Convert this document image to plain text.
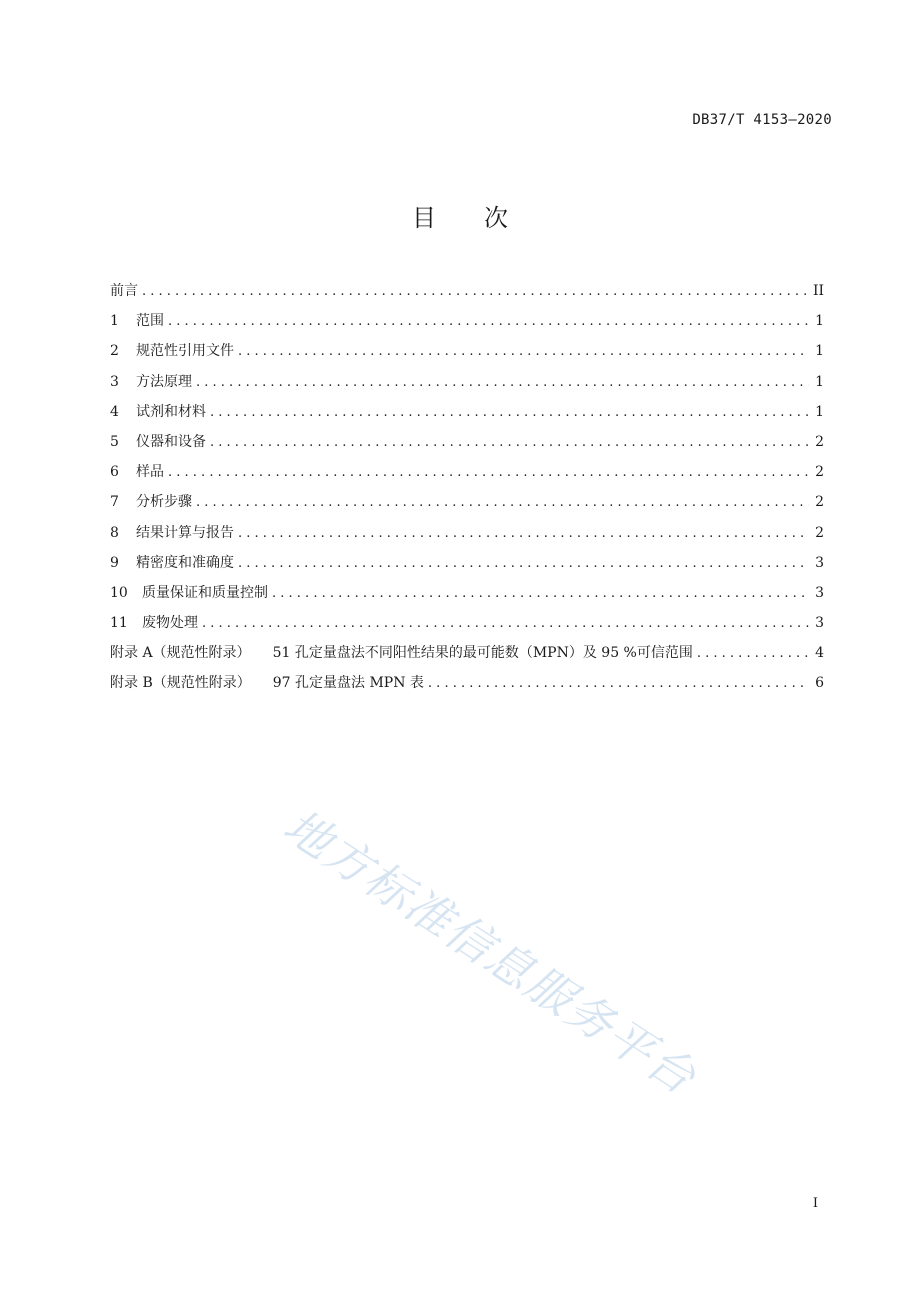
DB37/T 4153—2020
目 次
前言 . . .	II
1	范围 . . .	1
2	规范性引用文件 . . .	1
3	方法原理 . . .	1
4	试剂和材料 . . .	1
5	仪器和设备 . . .	2
6	样品 . . .	2
7	分析步骤 . . .	2
8	结果计算与报告 . . .	2
9	精密度和准确度 . . .	3
10	质量保证和质量控制 . . .	3
11	废物处理 . . .	3
附录 A（规范性附录） 51 孔定量盘法不同阳性结果的最可能数（MPN）及 95 %可信范围 . . .	4
附录 B（规范性附录） 97 孔定量盘法 MPN 表 . . .	6
地方标准信息服务平台
I
